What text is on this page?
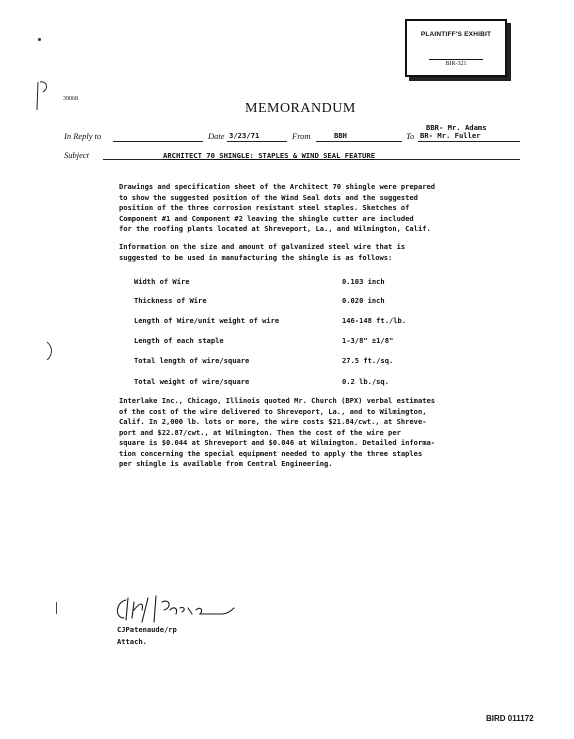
PLAINTIFF'S EXHIBIT
BIR-321
39068
MEMORANDUM
BBR- Mr. Adams
In Reply to	Date 3/23/71	From	BBH	To BR- Mr. Fuller
Subject	ARCHITECT 70 SHINGLE: STAPLES & WIND SEAL FEATURE
Drawings and specification sheet of the Architect 70 shingle were prepared
to show the suggested position of the Wind Seal dots and the suggested
position of the three corrosion resistant steel staples. Sketches of
Component #1 and Component #2 leaving the shingle cutter are included
for the roofing plants located at Shreveport, La., and Wilmington, Calif.
Information on the size and amount of galvanized steel wire that is
suggested to be used in manufacturing the shingle is as follows:
Width of Wire	0.103 inch
Thickness of Wire	0.020 inch
Length of Wire/unit weight of wire	146-148 ft./lb.
Length of each staple	1-3/8" ±1/8"
Total length of wire/square	27.5 ft./sq.
Total weight of wire/square	0.2 lb./sq.
Interlake Inc., Chicago, Illinois quoted Mr. Church (BPX) verbal estimates
of the cost of the wire delivered to Shreveport, La., and to Wilmington,
Calif. In 2,000 lb. lots or more, the wire costs $21.84/cwt., at Shreve-
port and $22.87/cwt., at Wilmington. Then the cost of the wire per
square is $0.044 at Shreveport and $0.046 at Wilmington. Detailed informa-
tion concerning the special equipment needed to apply the three staples
per shingle is available from Central Engineering.
CJPatenaude/rp
Attach.
BIRD 011172
